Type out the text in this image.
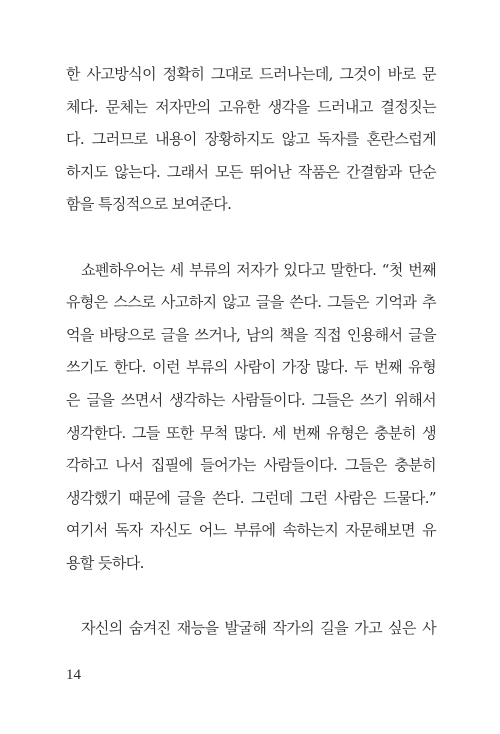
한 사고방식이 정확히 그대로 드러나는데, 그것이 바로 문
체다. 문체는 저자만의 고유한 생각을 드러내고 결정짓는
다. 그러므로 내용이 장황하지도 않고 독자를 혼란스럽게
하지도 않는다. 그래서 모든 뛰어난 작품은 간결함과 단순
함을 특징적으로 보여준다.
쇼펜하우어는 세 부류의 저자가 있다고 말한다. “첫 번째
유형은 스스로 사고하지 않고 글을 쓴다. 그들은 기억과 추
억을 바탕으로 글을 쓰거나, 남의 책을 직접 인용해서 글을
쓰기도 한다. 이런 부류의 사람이 가장 많다. 두 번째 유형
은 글을 쓰면서 생각하는 사람들이다. 그들은 쓰기 위해서
생각한다. 그들 또한 무척 많다. 세 번째 유형은 충분히 생
각하고 나서 집필에 들어가는 사람들이다. 그들은 충분히
생각했기 때문에 글을 쓴다. 그런데 그런 사람은 드물다.”
여기서 독자 자신도 어느 부류에 속하는지 자문해보면 유
용할 듯하다.
자신의 숨겨진 재능을 발굴해 작가의 길을 가고 싶은 사
14
